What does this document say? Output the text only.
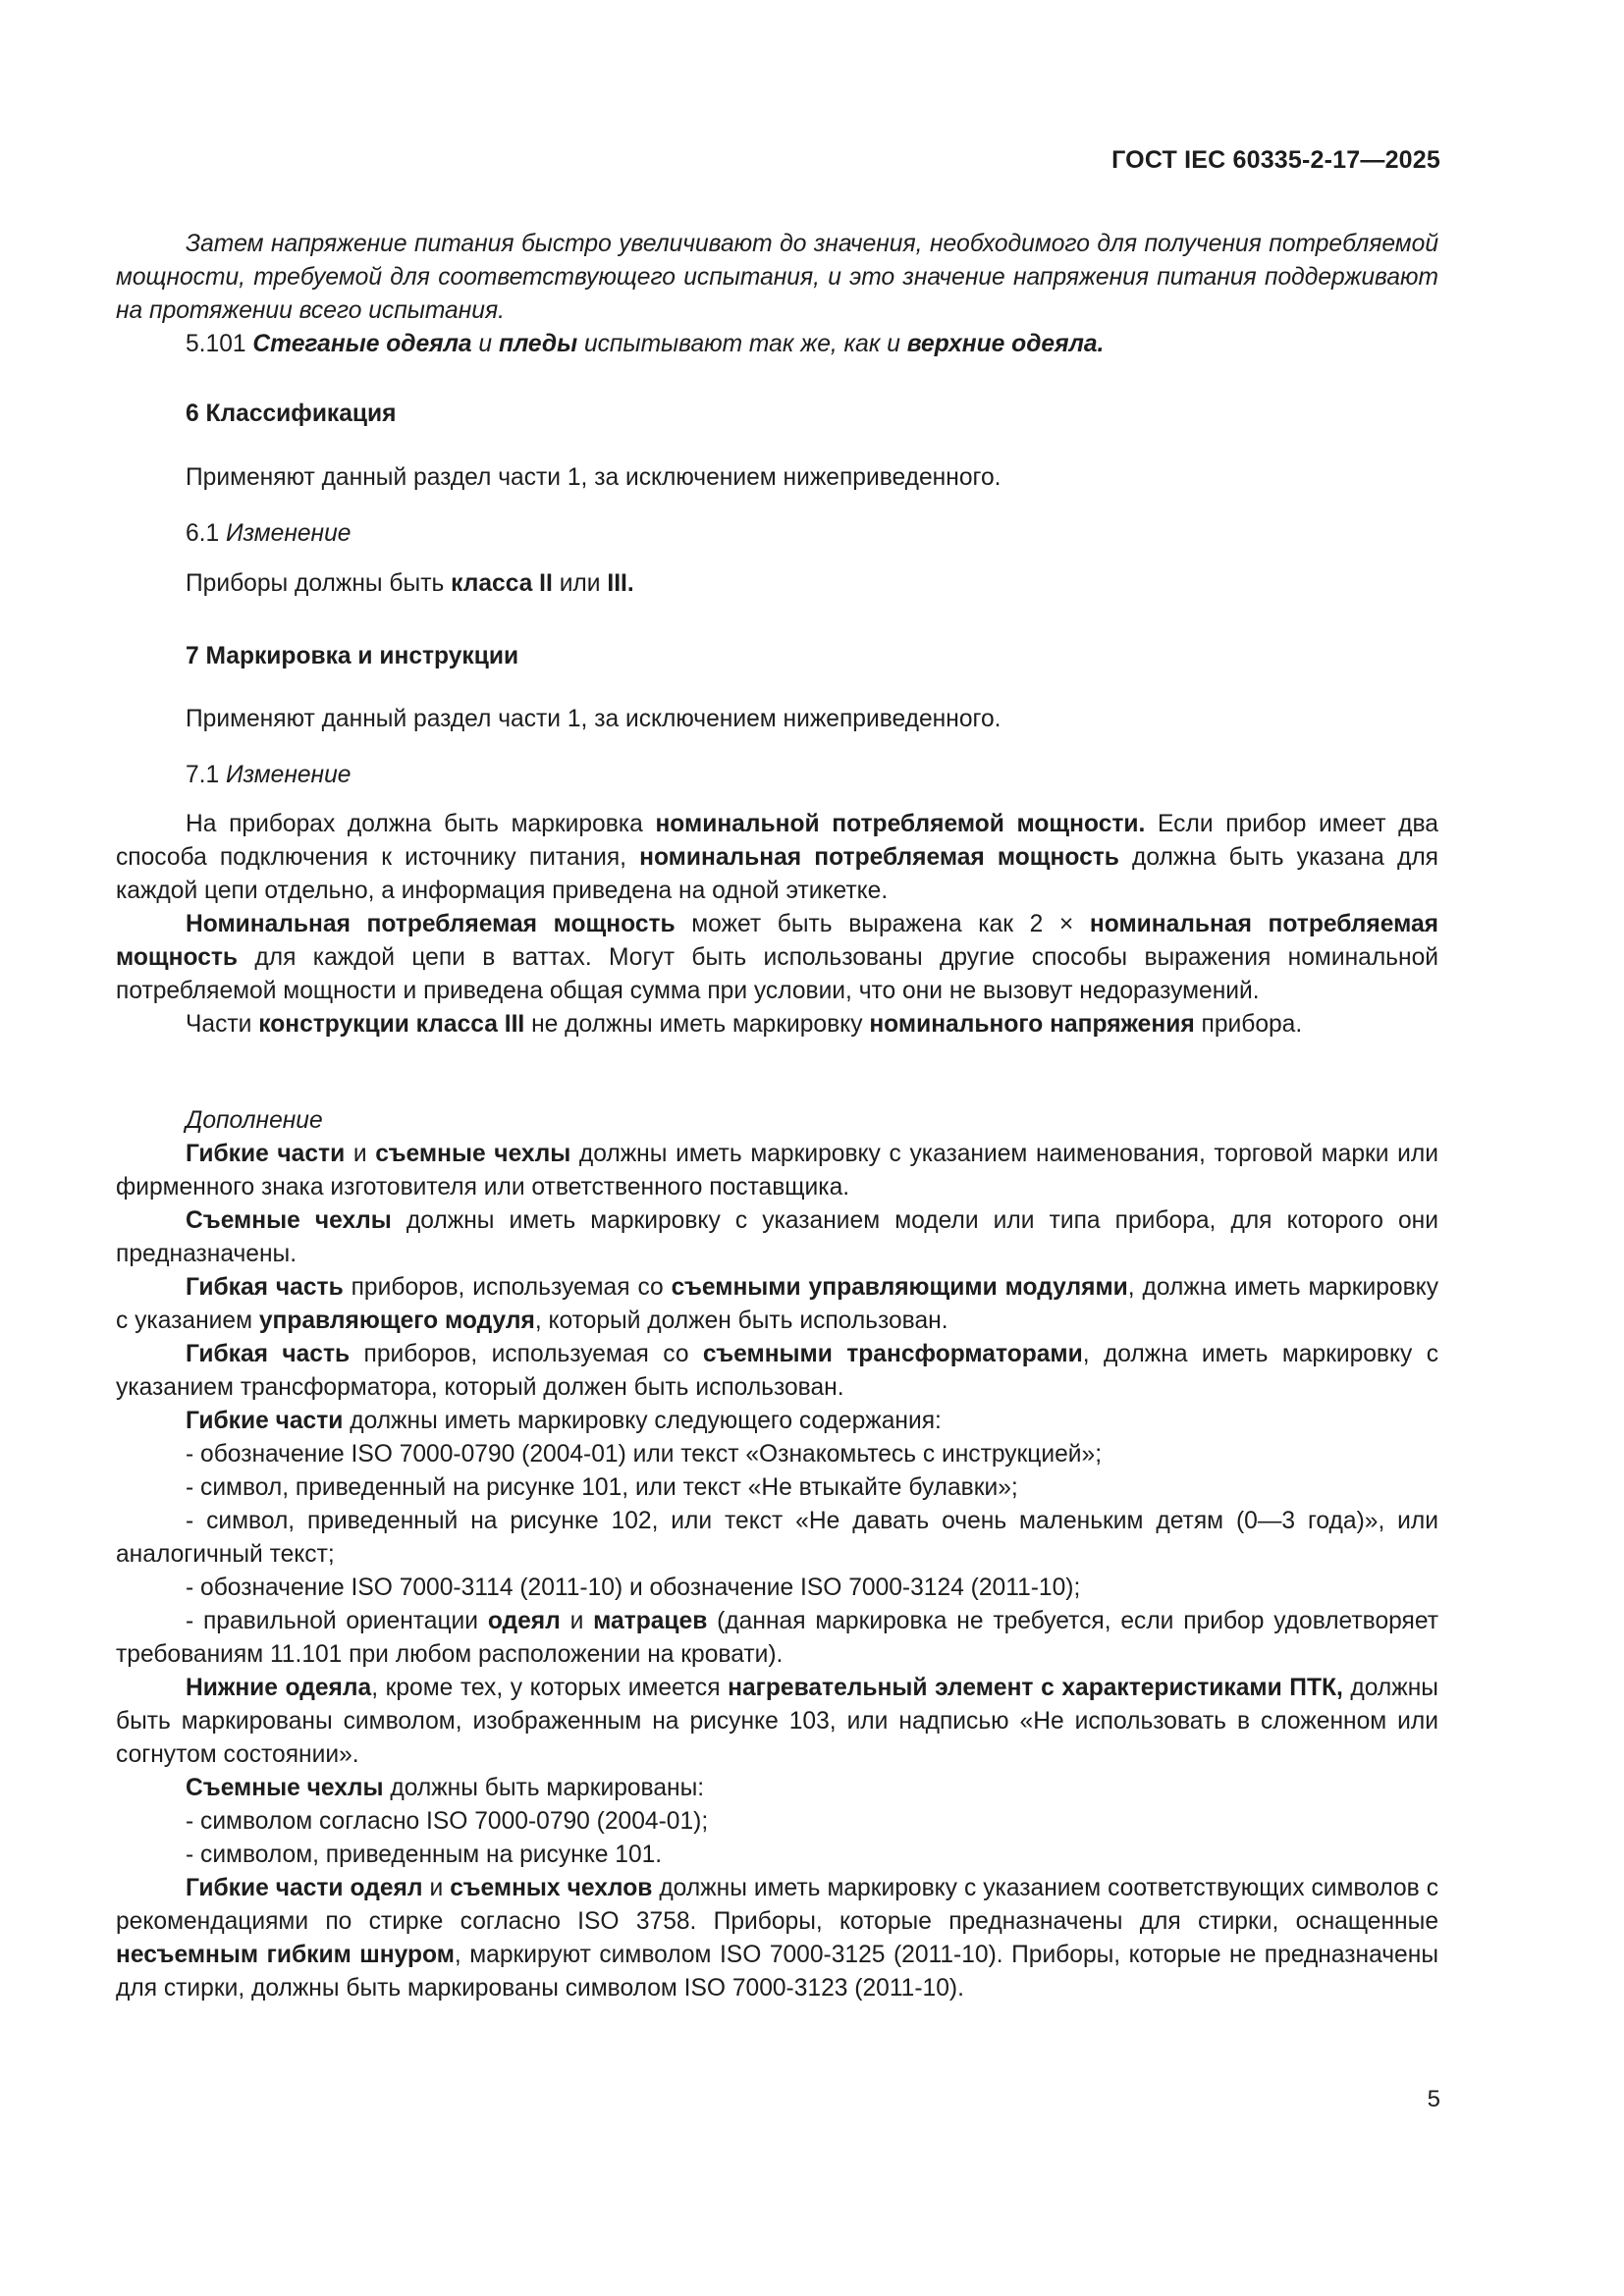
ГОСТ IEC 60335-2-17—2025

Затем напряжение питания быстро увеличивают до значения, необходимого для получения потребляемой мощности, требуемой для соответствующего испытания, и это значение напряжения питания поддерживают на протяжении всего испытания.

5.101 Стеганые одеяла и пледы испытывают так же, как и верхние одеяла.

6 Классификация

Применяют данный раздел части 1, за исключением нижеприведенного.

6.1 Изменение

Приборы должны быть класса II или III.

7 Маркировка и инструкции

Применяют данный раздел части 1, за исключением нижеприведенного.

7.1 Изменение

На приборах должна быть маркировка номинальной потребляемой мощности. Если прибор имеет два способа подключения к источнику питания, номинальная потребляемая мощность должна быть указана для каждой цепи отдельно, а информация приведена на одной этикетке.

Номинальная потребляемая мощность может быть выражена как 2 × номинальная потребляемая мощность для каждой цепи в ваттах. Могут быть использованы другие способы выражения номинальной потребляемой мощности и приведена общая сумма при условии, что они не вызовут недоразумений.

Части конструкции класса III не должны иметь маркировку номинального напряжения прибора.

Дополнение

Гибкие части и съемные чехлы должны иметь маркировку с указанием наименования, торговой марки или фирменного знака изготовителя или ответственного поставщика.

Съемные чехлы должны иметь маркировку с указанием модели или типа прибора, для которого они предназначены.

Гибкая часть приборов, используемая со съемными управляющими модулями, должна иметь маркировку с указанием управляющего модуля, который должен быть использован.

Гибкая часть приборов, используемая со съемными трансформаторами, должна иметь маркировку с указанием трансформатора, который должен быть использован.

Гибкие части должны иметь маркировку следующего содержания:

- обозначение ISO 7000-0790 (2004-01) или текст «Ознакомьтесь с инструкцией»;

- символ, приведенный на рисунке 101, или текст «Не втыкайте булавки»;

- символ, приведенный на рисунке 102, или текст «Не давать очень маленьким детям (0—3 года)», или аналогичный текст;

- обозначение ISO 7000-3114 (2011-10) и обозначение ISO 7000-3124 (2011-10);

- правильной ориентации одеял и матрацев (данная маркировка не требуется, если прибор удовлетворяет требованиям 11.101 при любом расположении на кровати).

Нижние одеяла, кроме тех, у которых имеется нагревательный элемент с характеристиками ПТК, должны быть маркированы символом, изображенным на рисунке 103, или надписью «Не использовать в сложенном или согнутом состоянии».

Съемные чехлы должны быть маркированы:

- символом согласно ISO 7000-0790 (2004-01);

- символом, приведенным на рисунке 101.

Гибкие части одеял и съемных чехлов должны иметь маркировку с указанием соответствующих символов с рекомендациями по стирке согласно ISO 3758. Приборы, которые предназначены для стирки, оснащенные несъемным гибким шнуром, маркируют символом ISO 7000-3125 (2011-10). Приборы, которые не предназначены для стирки, должны быть маркированы символом ISO 7000-3123 (2011-10).

5
